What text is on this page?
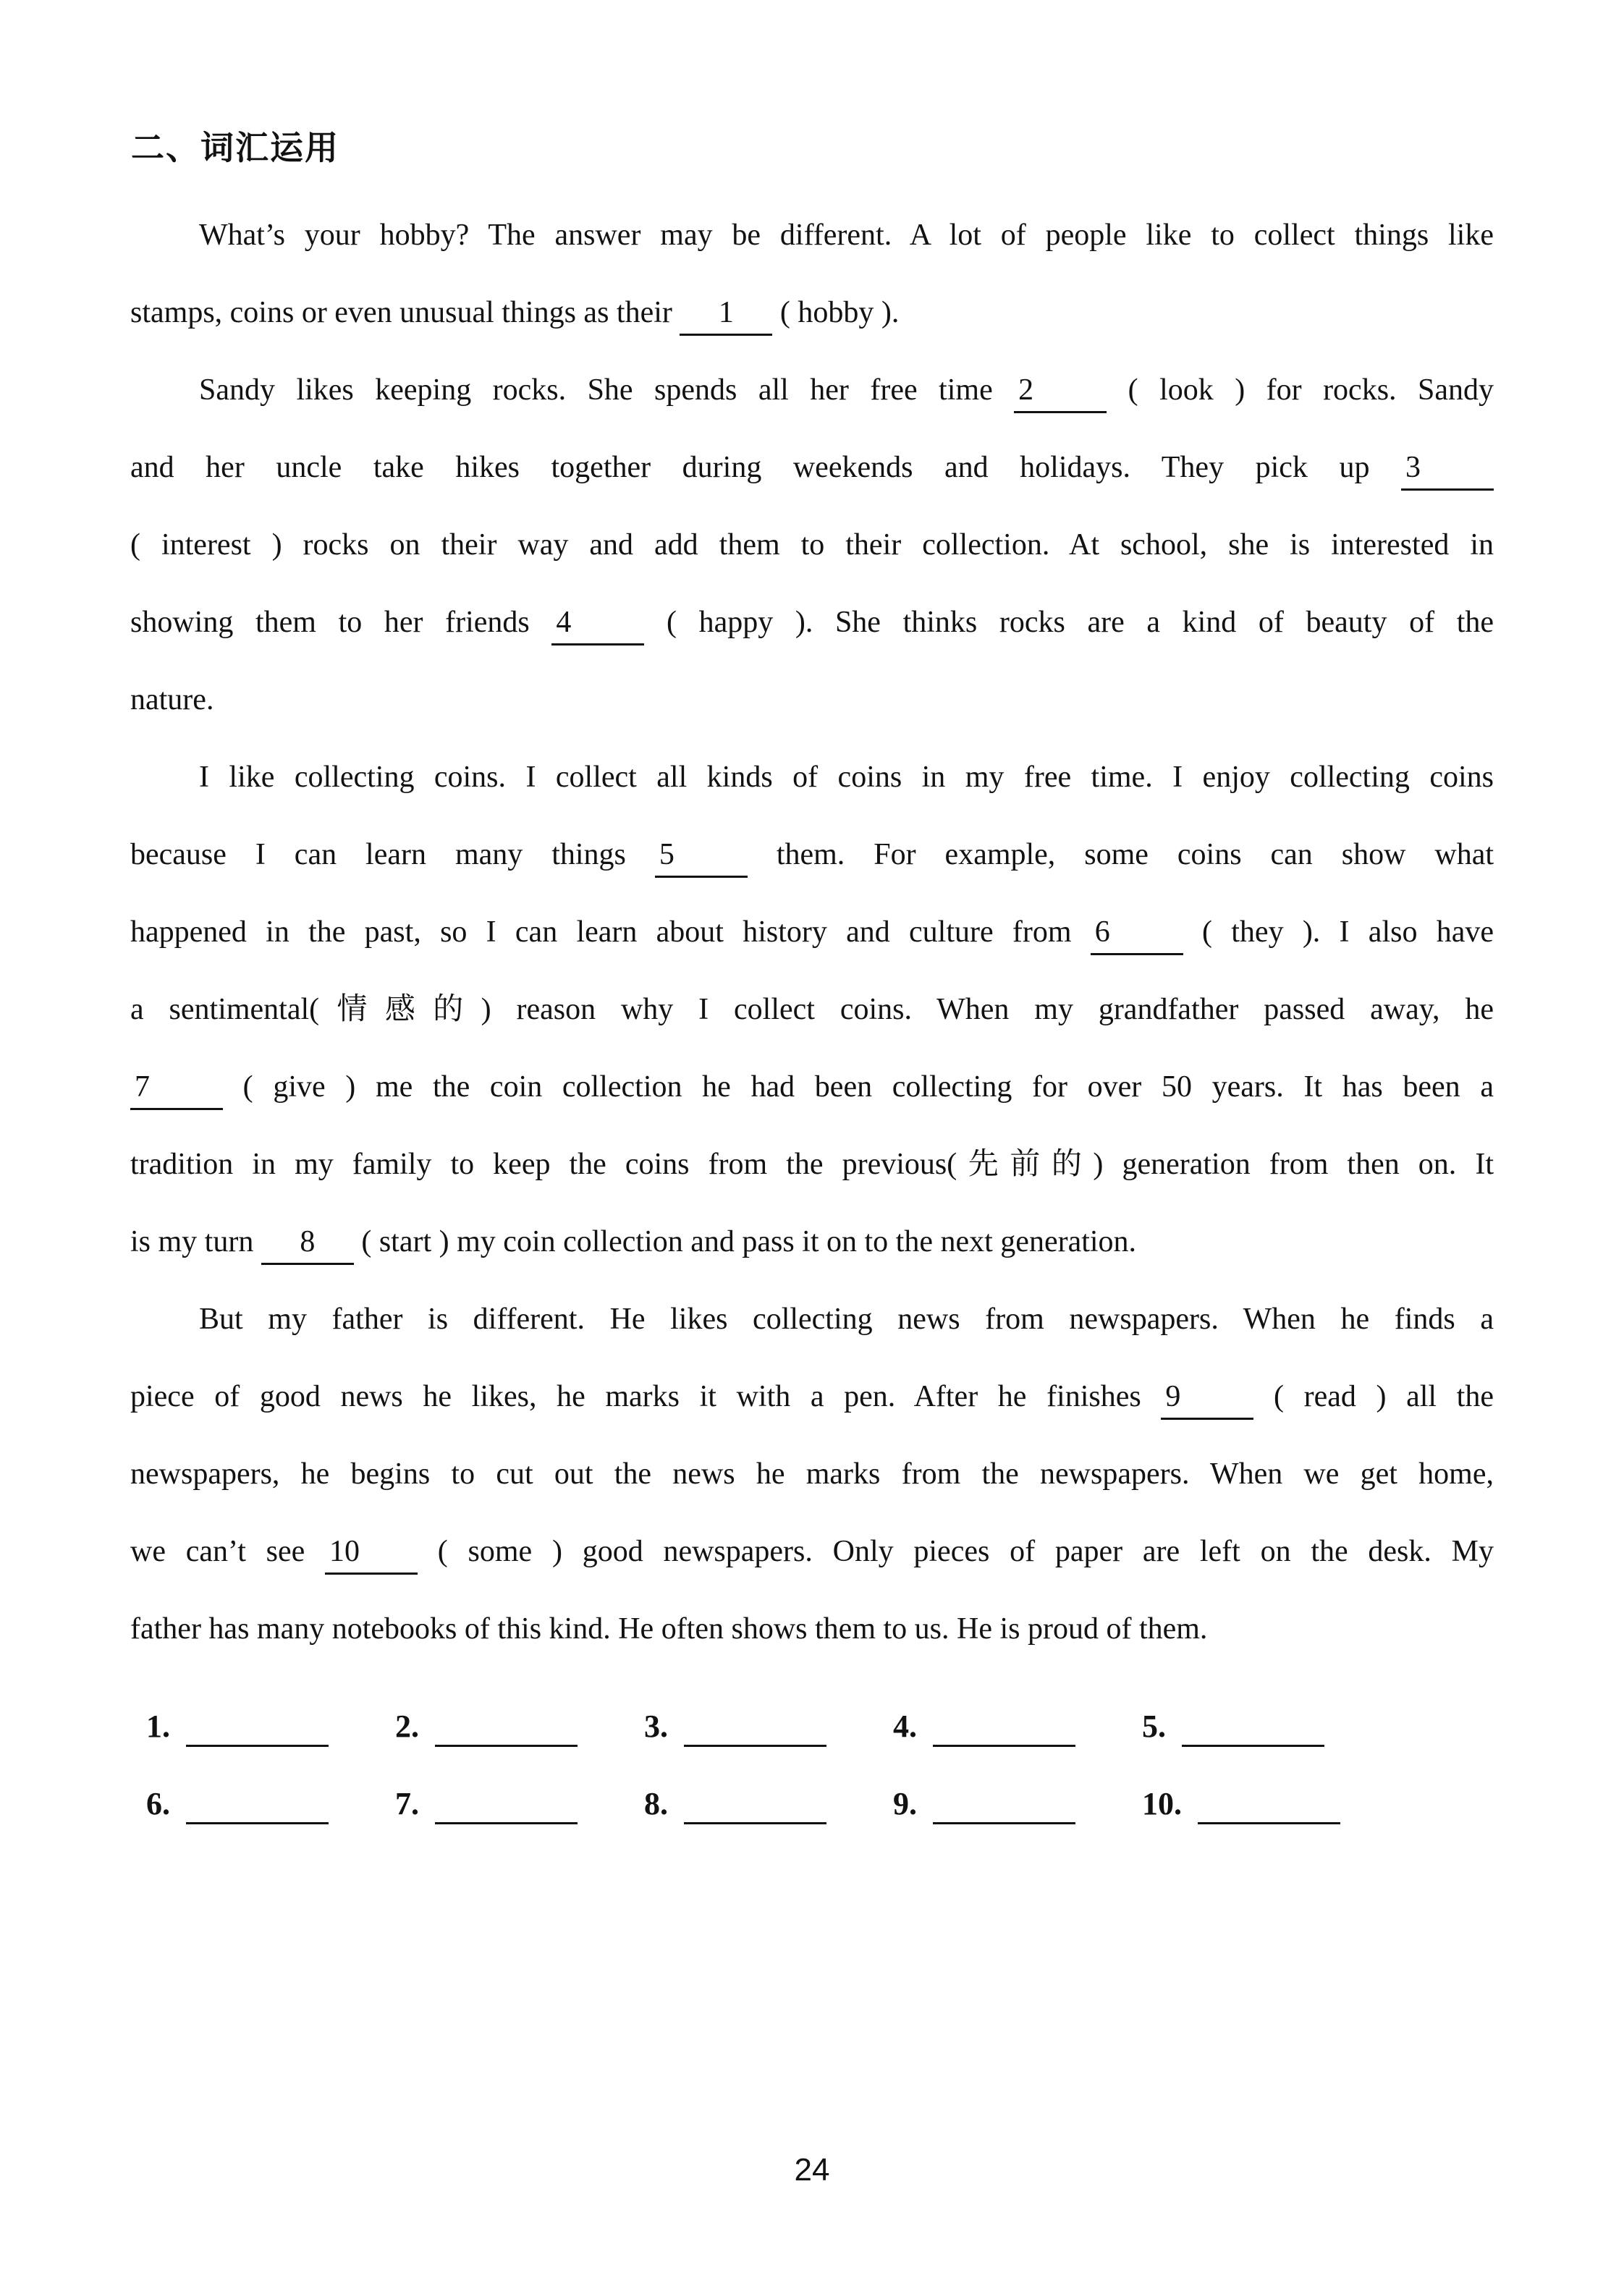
二、词汇运用
What’s your hobby? The answer may be different. A lot of people like to collect things like
stamps, coins or even unusual things as their 1 ( hobby ).
Sandy likes keeping rocks. She spends all her free time 2 ( look ) for rocks. Sandy
and her uncle take hikes together during weekends and holidays. They pick up 3
( interest ) rocks on their way and add them to their collection. At school, she is interested in
showing them to her friends 4 ( happy ). She thinks rocks are a kind of beauty of the
nature.
I like collecting coins. I collect all kinds of coins in my free time. I enjoy collecting coins
because I can learn many things 5 them. For example, some coins can show what
happened in the past, so I can learn about history and culture from 6 ( they ). I also have
a sentimental(情感的) reason why I collect coins. When my grandfather passed away, he
7 ( give ) me the coin collection he had been collecting for over 50 years. It has been a
tradition in my family to keep the coins from the previous(先前的) generation from then on. It
is my turn 8 ( start ) my coin collection and pass it on to the next generation.
But my father is different. He likes collecting news from newspapers. When he finds a
piece of good news he likes, he marks it with a pen. After he finishes 9 ( read ) all the
newspapers, he begins to cut out the news he marks from the newspapers. When we get home,
we can’t see 10 ( some ) good newspapers. Only pieces of paper are left on the desk. My
father has many notebooks of this kind. He often shows them to us. He is proud of them.
1.	2.	3.	4.	5.
6.	7.	8.	9.	10.
24
